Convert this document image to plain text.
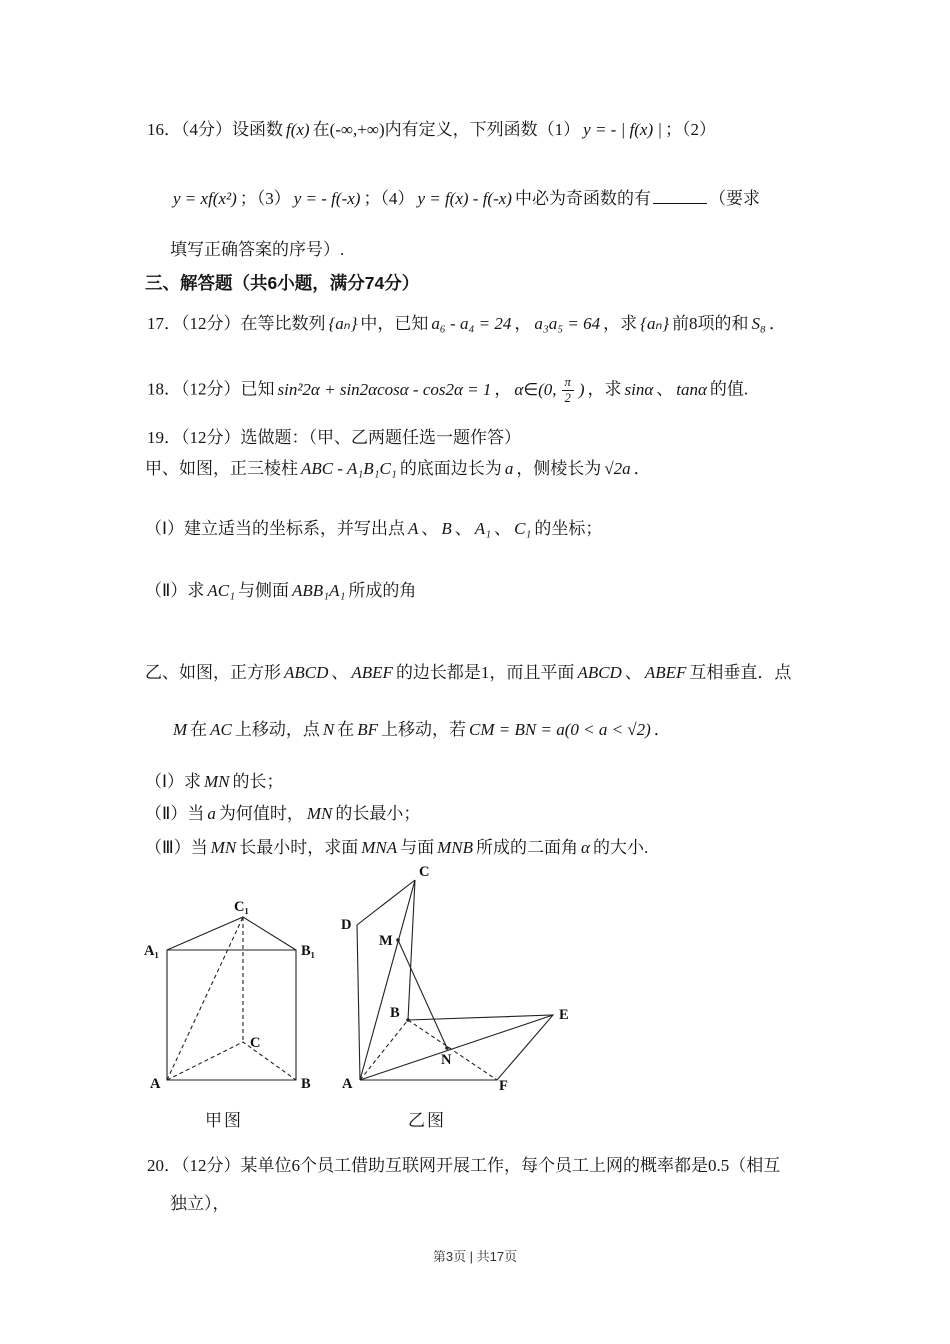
16．（4分）设函数 f(x) 在(-∞,+∞)内有定义，下列函数（1） y = - | f(x) | ；（2）
y = xf(x²) ；（3） y = - f(-x) ；（4） y = f(x) - f(-x) 中必为奇函数的有	（要求
填写正确答案的序号）.
三、解答题（共6小题，满分74分）
17．（12分）在等比数列 {aₙ} 中，已知 a₆ - a₄ = 24 ， a₃a₅ = 64 ，求 {aₙ} 前8项的和 S₈ ．
18．（12分）已知 sin²2α + sin2αcosα - cos2α = 1 ， α∈(0, $\frac{\pi}{2}$ ) ，求 sinα 、 tanα 的值.
19．（12分）选做题：（甲、乙两题任选一题作答）
甲、如图，正三棱柱 ABC - A₁B₁C₁ 的底面边长为 a ，侧棱长为 √2a ．
（Ⅰ）建立适当的坐标系，并写出点 A 、 B 、 A₁ 、 C₁ 的坐标；
（Ⅱ）求 AC₁ 与侧面 ABB₁A₁ 所成的角
乙、如图，正方形 ABCD 、 ABEF 的边长都是1，而且平面 ABCD 、 ABEF 互相垂直．点
M 在 AC 上移动，点 N 在 BF 上移动，若 CM = BN = a(0 < a < √2) ．
（Ⅰ）求 MN 的长；
（Ⅱ）当 a 为何值时， MN 的长最小；
（Ⅲ）当 MN 长最小时，求面 MNA 与面 MNB 所成的二面角 α 的大小.
A₁	B₁
C₁
A	B
C
C
D
M
B	E
N
A	F
甲图	乙图
20．（12分）某单位6个员工借助互联网开展工作，每个员工上网的概率都是0.5（相互
独立），
第3页 | 共17页
